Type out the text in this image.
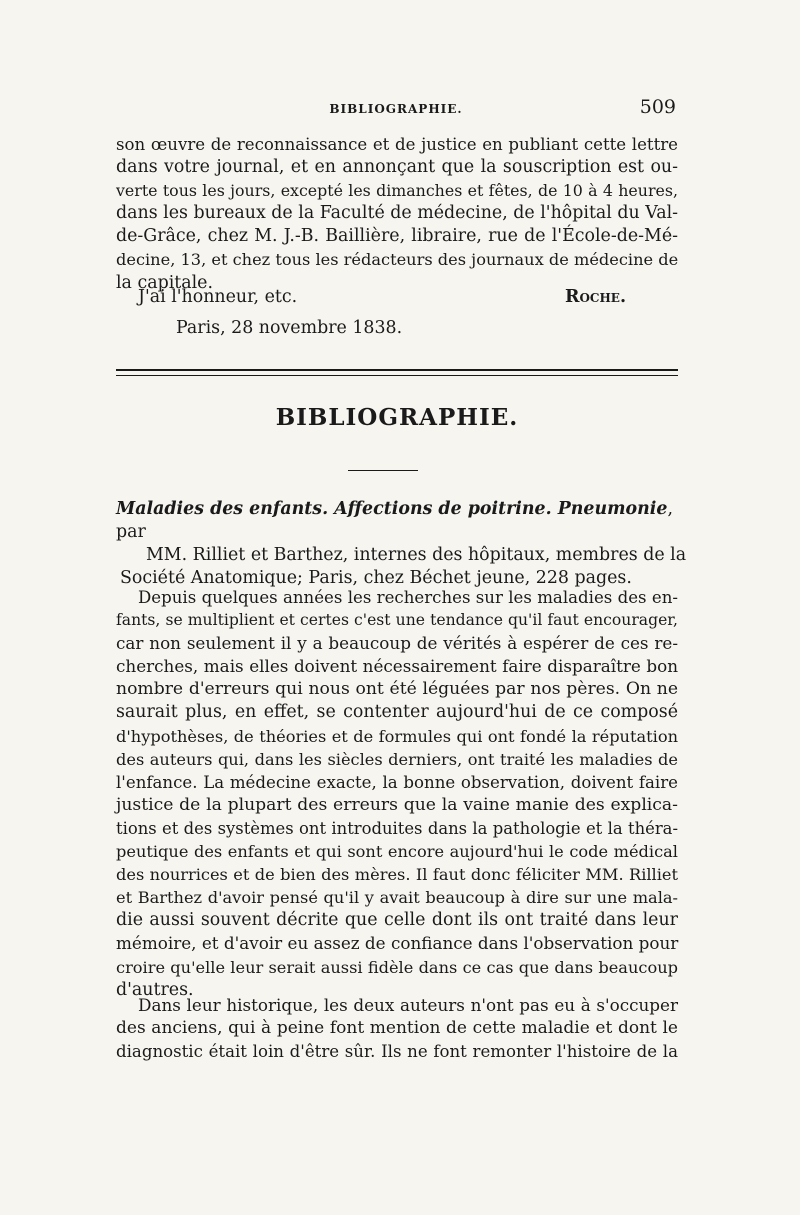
BIBLIOGRAPHIE.	509
son œuvre de reconnaissance et de justice en publiant cette lettre
dans votre journal, et en annonçant que la souscription est ou-
verte tous les jours, excepté les dimanches et fêtes, de 10 à 4 heures,
dans les bureaux de la Faculté de médecine, de l'hôpital du Val-
de-Grâce, chez M. J.-B. Baillière, libraire, rue de l'École-de-Mé-
decine, 13, et chez tous les rédacteurs des journaux de médecine de
la capitale.
J'ai l'honneur, etc.	Roche.
Paris, 28 novembre 1838.
BIBLIOGRAPHIE.
Maladies des enfants. Affections de poitrine. Pneumonie, par
MM. Rilliet et Barthez, internes des hôpitaux, membres de la
Société Anatomique; Paris, chez Béchet jeune, 228 pages.
Depuis quelques années les recherches sur les maladies des en-
fants, se multiplient et certes c'est une tendance qu'il faut encourager,
car non seulement il y a beaucoup de vérités à espérer de ces re-
cherches, mais elles doivent nécessairement faire disparaître bon
nombre d'erreurs qui nous ont été léguées par nos pères. On ne
saurait plus, en effet, se contenter aujourd'hui de ce composé
d'hypothèses, de théories et de formules qui ont fondé la réputation
des auteurs qui, dans les siècles derniers, ont traité les maladies de
l'enfance. La médecine exacte, la bonne observation, doivent faire
justice de la plupart des erreurs que la vaine manie des explica-
tions et des systèmes ont introduites dans la pathologie et la théra-
peutique des enfants et qui sont encore aujourd'hui le code médical
des nourrices et de bien des mères. Il faut donc féliciter MM. Rilliet
et Barthez d'avoir pensé qu'il y avait beaucoup à dire sur une mala-
die aussi souvent décrite que celle dont ils ont traité dans leur
mémoire, et d'avoir eu assez de confiance dans l'observation pour
croire qu'elle leur serait aussi fidèle dans ce cas que dans beaucoup
d'autres.
Dans leur historique, les deux auteurs n'ont pas eu à s'occuper
des anciens, qui à peine font mention de cette maladie et dont le
diagnostic était loin d'être sûr. Ils ne font remonter l'histoire de la
